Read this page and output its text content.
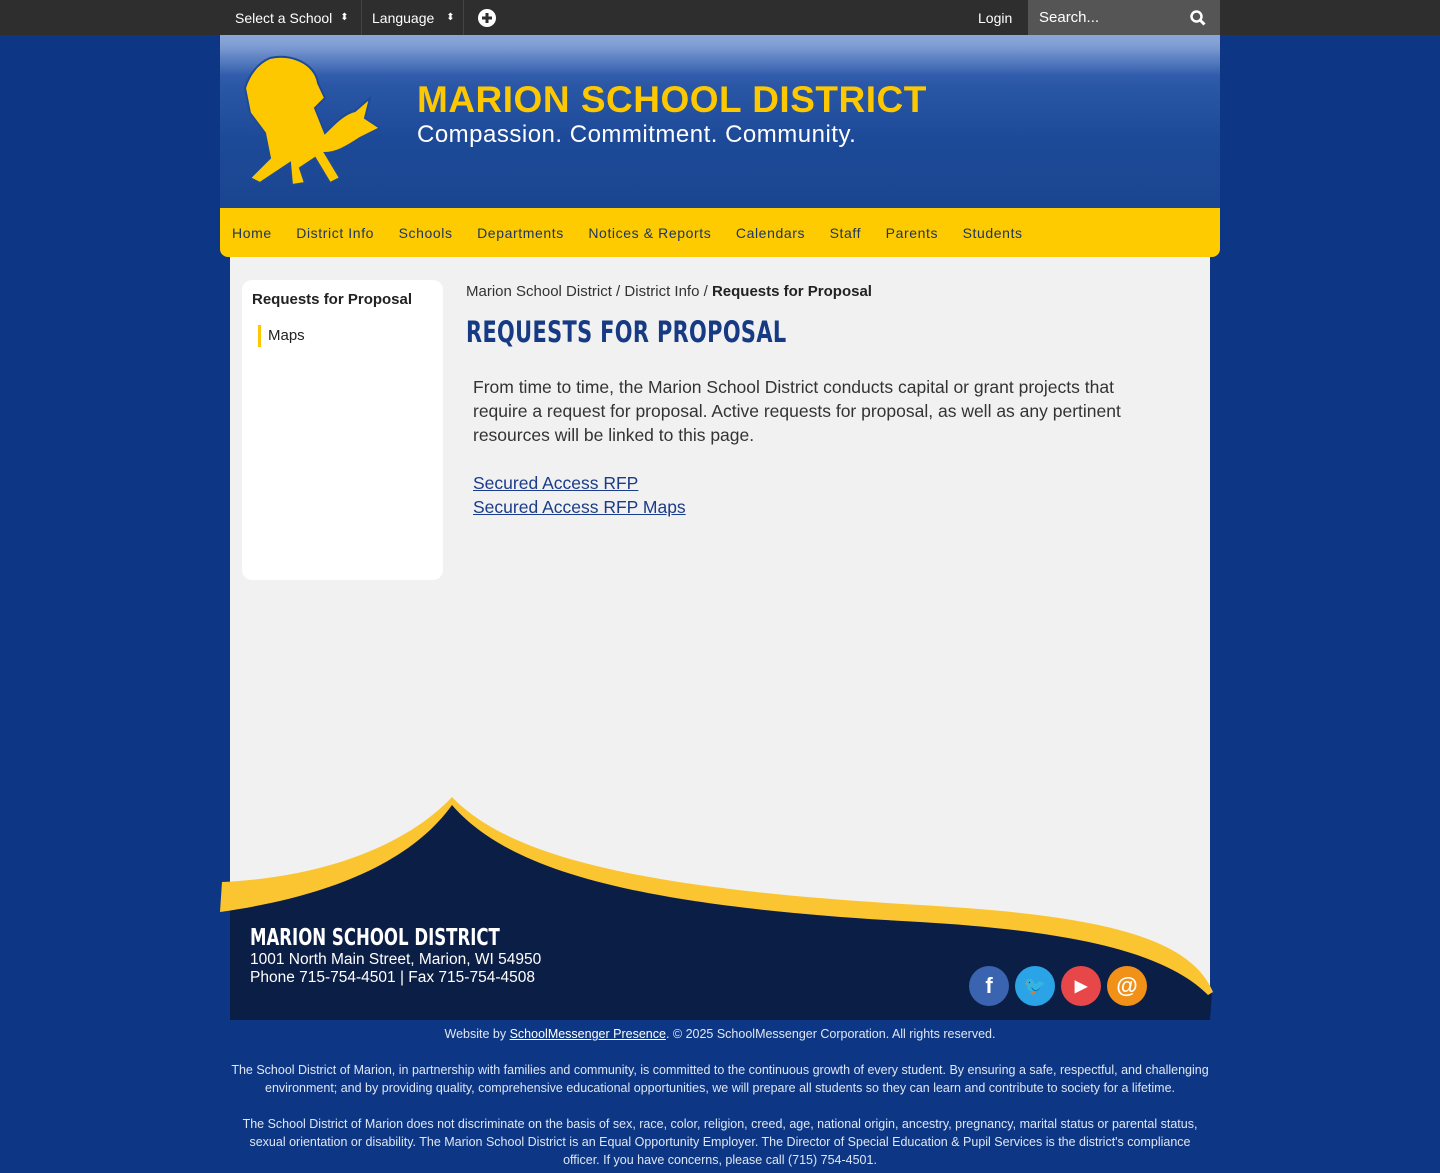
Select a School ⬍ Language ⬍	Login Search...
MARION SCHOOL DISTRICT
Compassion. Commitment. Community.
Home District Info Schools Departments Notices & Reports Calendars Staff Parents Students
Requests for Proposal
Maps
Marion School District / District Info / Requests for Proposal
REQUESTS FOR PROPOSAL

From time to time, the Marion School District conducts capital or grant projects that require a request for proposal. Active requests for proposal, as well as any pertinent resources will be linked to this page.

Secured Access RFP
Secured Access RFP Maps
MARION SCHOOL DISTRICT
1001 North Main Street, Marion, WI 54950
Phone 715-754-4501 | Fax 715-754-4508	f	🐦	▶	@
Website by SchoolMessenger Presence. © 2025 SchoolMessenger Corporation. All rights reserved.
The School District of Marion, in partnership with families and community, is committed to the continuous growth of every student. By ensuring a safe, respectful, and challenging environment; and by providing quality, comprehensive educational opportunities, we will prepare all students so they can learn and contribute to society for a lifetime.
The School District of Marion does not discriminate on the basis of sex, race, color, religion, creed, age, national origin, ancestry, pregnancy, marital status or parental status, sexual orientation or disability. The Marion School District is an Equal Opportunity Employer. The Director of Special Education & Pupil Services is the district's compliance officer. If you have concerns, please call (715) 754-4501.
